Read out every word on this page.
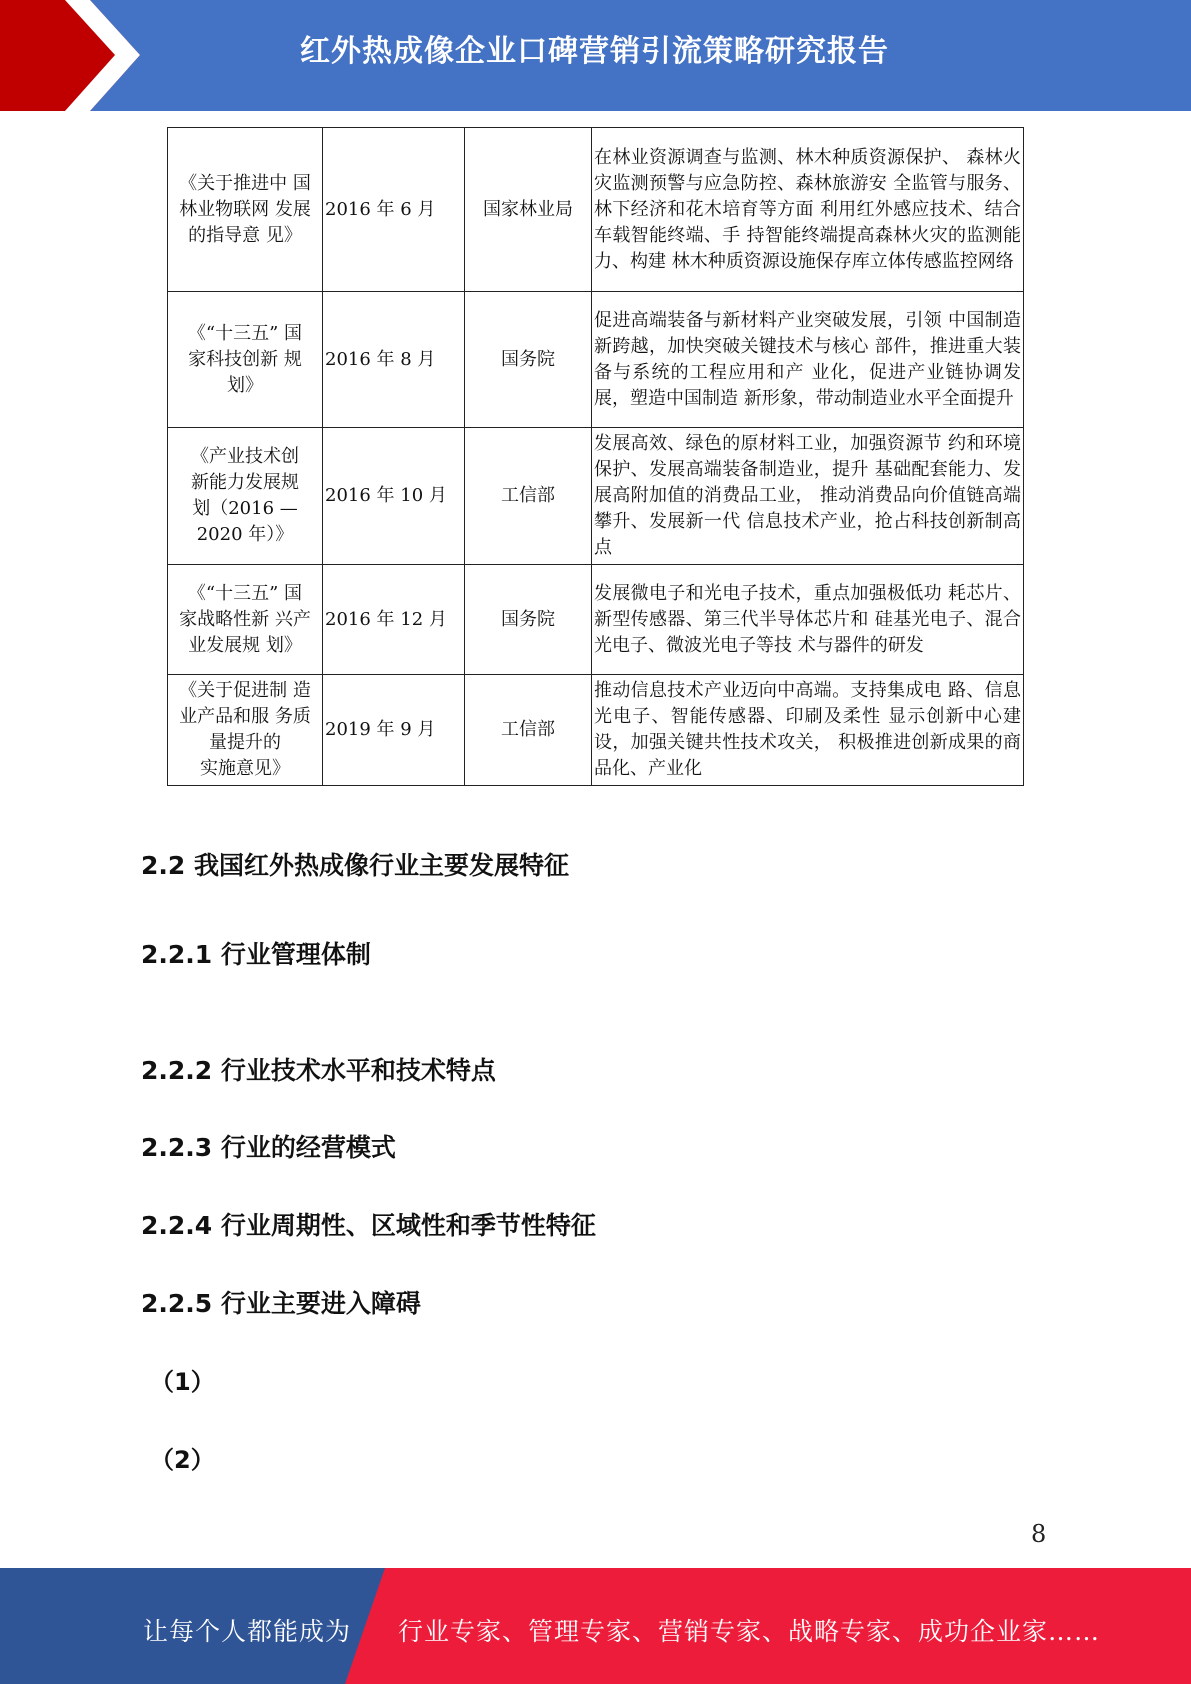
红外热成像企业口碑营销引流策略研究报告
《关于推进中 国
林业物联网 发展
的指导意 见》	2016 年 6 月	国家林业局	在林业资源调查与监测、林木种质资源保护、 森林火灾监测预警与应急防控、森林旅游安 全监管与服务、林下经济和花木培育等方面 利用红外感应技术、结合车载智能终端、手 持智能终端提高森林火灾的监测能力、构建 林木种质资源设施保存库立体传感监控网络

《“十三五” 国
家科技创新 规
划》	2016 年 8 月	国务院	促进高端装备与新材料产业突破发展，引领 中国制造新跨越，加快突破关键技术与核心 部件，推进重大装备与系统的工程应用和产 业化，促进产业链协调发展，塑造中国制造 新形象，带动制造业水平全面提升

《产业技术创
新能力发展规
划（2016 —
2020 年）》	2016 年 10 月	工信部	发展高效、绿色的原材料工业，加强资源节 约和环境保护、发展高端装备制造业，提升 基础配套能力、发展高附加值的消费品工业， 推动消费品向价值链高端攀升、发展新一代 信息技术产业，抢占科技创新制高点

《“十三五” 国
家战略性新 兴产
业发展规 划》	2016 年 12 月	国务院	发展微电子和光电子技术，重点加强极低功 耗芯片、新型传感器、第三代半导体芯片和 硅基光电子、混合光电子、微波光电子等技 术与器件的研发

《关于促进制 造
业产品和服 务质
量提升的
实施意见》	2019 年 9 月	工信部	推动信息技术产业迈向中高端。支持集成电 路、信息光电子、智能传感器、印刷及柔性 显示创新中心建设，加强关键共性技术攻关， 积极推进创新成果的商品化、产业化
2.2 我国红外热成像行业主要发展特征
2.2.1 行业管理体制
2.2.2 行业技术水平和技术特点
2.2.3 行业的经营模式
2.2.4 行业周期性、区域性和季节性特征
2.2.5 行业主要进入障碍
（1）
（2）
8
让每个人都能成为 行业专家、管理专家、营销专家、战略专家、成功企业家……
